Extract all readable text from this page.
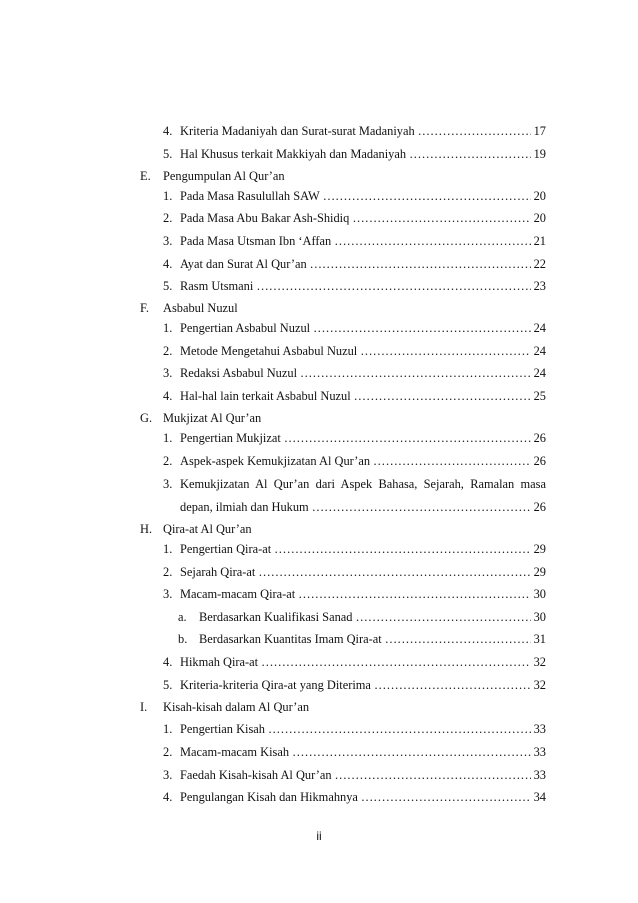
4. Kriteria Madaniyah dan Surat-surat Madaniyah ……………………………………………………………………………………………………………………………………………………………………………………	17
5. Hal Khusus terkait Makkiyah dan Madaniyah ……………………………………………………………………………………………………………………………………………………………………………………	19
E. Pengumpulan Al Qur’an
1. Pada Masa Rasulullah SAW ……………………………………………………………………………………………………………………………………………………………………………………	20
2. Pada Masa Abu Bakar Ash-Shidiq ……………………………………………………………………………………………………………………………………………………………………………………	20
3. Pada Masa Utsman Ibn ‘Affan ……………………………………………………………………………………………………………………………………………………………………………………	21
4. Ayat dan Surat Al Qur’an ……………………………………………………………………………………………………………………………………………………………………………………	22
5. Rasm Utsmani ……………………………………………………………………………………………………………………………………………………………………………………	23
F. Asbabul Nuzul
1. Pengertian Asbabul Nuzul ……………………………………………………………………………………………………………………………………………………………………………………	24
2. Metode Mengetahui Asbabul Nuzul ……………………………………………………………………………………………………………………………………………………………………………………	24
3. Redaksi Asbabul Nuzul ……………………………………………………………………………………………………………………………………………………………………………………	24
4. Hal-hal lain terkait Asbabul Nuzul ……………………………………………………………………………………………………………………………………………………………………………………	25
G. Mukjizat Al Qur’an
1. Pengertian Mukjizat ……………………………………………………………………………………………………………………………………………………………………………………	26
2. Aspek-aspek Kemukjizatan Al Qur’an ……………………………………………………………………………………………………………………………………………………………………………………	26
3. Kemukjizatan Al Qur’an dari Aspek Bahasa, Sejarah, Ramalan masa
depan, ilmiah dan Hukum ……………………………………………………………………………………………………………………………………………………………………………………	26
H. Qira-at Al Qur’an
1. Pengertian Qira-at ……………………………………………………………………………………………………………………………………………………………………………………	29
2. Sejarah Qira-at ……………………………………………………………………………………………………………………………………………………………………………………	29
3. Macam-macam Qira-at ……………………………………………………………………………………………………………………………………………………………………………………	30
a. Berdasarkan Kualifikasi Sanad ……………………………………………………………………………………………………………………………………………………………………………………	30
b. Berdasarkan Kuantitas Imam Qira-at ……………………………………………………………………………………………………………………………………………………………………………………	31
4. Hikmah Qira-at ……………………………………………………………………………………………………………………………………………………………………………………	32
5. Kriteria-kriteria Qira-at yang Diterima ……………………………………………………………………………………………………………………………………………………………………………………	32
I. Kisah-kisah dalam Al Qur’an
1. Pengertian Kisah ……………………………………………………………………………………………………………………………………………………………………………………	33
2. Macam-macam Kisah ……………………………………………………………………………………………………………………………………………………………………………………	33
3. Faedah Kisah-kisah Al Qur’an ……………………………………………………………………………………………………………………………………………………………………………………	33
4. Pengulangan Kisah dan Hikmahnya ……………………………………………………………………………………………………………………………………………………………………………………	34
ii
